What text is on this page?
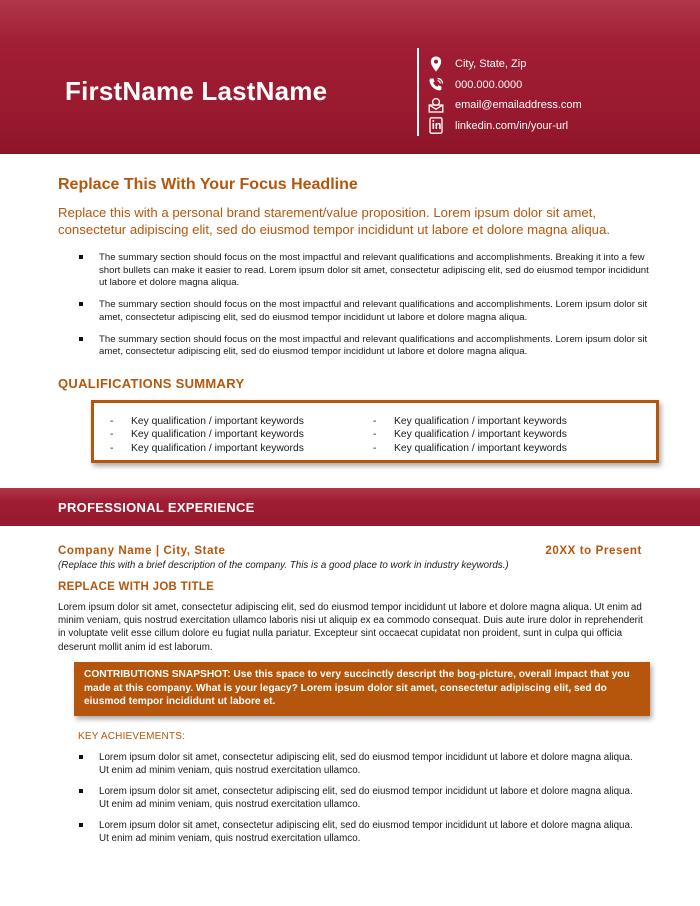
FirstName LastName
City, State, Zip
000.000.0000
email@emailaddress.com
linkedin.com/in/your-url
Replace This With Your Focus Headline
Replace this with a personal brand starement/value proposition. Lorem ipsum dolor sit amet, consectetur adipiscing elit, sed do eiusmod tempor incididunt ut labore et dolore magna aliqua.
The summary section should focus on the most impactful and relevant qualifications and accomplishments. Breaking it into a few short bullets can make it easier to read. Lorem ipsum dolor sit amet, consectetur adipiscing elit, sed do eiusmod tempor incididunt ut labore et dolore magna aliqua.
The summary section should focus on the most impactful and relevant qualifications and accomplishments. Lorem ipsum dolor sit amet, consectetur adipiscing elit, sed do eiusmod tempor incididunt ut labore et dolore magna aliqua.
The summary section should focus on the most impactful and relevant qualifications and accomplishments. Lorem ipsum dolor sit amet, consectetur adipiscing elit, sed do eiusmod tempor incididunt ut labore et dolore magna aliqua.
QUALIFICATIONS SUMMARY
- Key qualification / important keywords
- Key qualification / important keywords
- Key qualification / important keywords
- Key qualification / important keywords
- Key qualification / important keywords
- Key qualification / important keywords
PROFESSIONAL EXPERIENCE
Company Name | City, State	20XX to Present
(Replace this with a brief description of the company. This is a good place to work in industry keywords.)
REPLACE WITH JOB TITLE
Lorem ipsum dolor sit amet, consectetur adipiscing elit, sed do eiusmod tempor incididunt ut labore et dolore magna aliqua. Ut enim ad minim veniam, quis nostrud exercitation ullamco laboris nisi ut aliquip ex ea commodo consequat. Duis aute irure dolor in reprehenderit in voluptate velit esse cillum dolore eu fugiat nulla pariatur. Excepteur sint occaecat cupidatat non proident, sunt in culpa qui officia deserunt mollit anim id est laborum.
CONTRIBUTIONS SNAPSHOT: Use this space to very succinctly descript the bog-picture, overall impact that you made at this company. What is your legacy? Lorem ipsum dolor sit amet, consectetur adipiscing elit, sed do eiusmod tempor incididunt ut labore et.
KEY ACHIEVEMENTS:
Lorem ipsum dolor sit amet, consectetur adipiscing elit, sed do eiusmod tempor incididunt ut labore et dolore magna aliqua. Ut enim ad minim veniam, quis nostrud exercitation ullamco.
Lorem ipsum dolor sit amet, consectetur adipiscing elit, sed do eiusmod tempor incididunt ut labore et dolore magna aliqua. Ut enim ad minim veniam, quis nostrud exercitation ullamco.
Lorem ipsum dolor sit amet, consectetur adipiscing elit, sed do eiusmod tempor incididunt ut labore et dolore magna aliqua. Ut enim ad minim veniam, quis nostrud exercitation ullamco.
